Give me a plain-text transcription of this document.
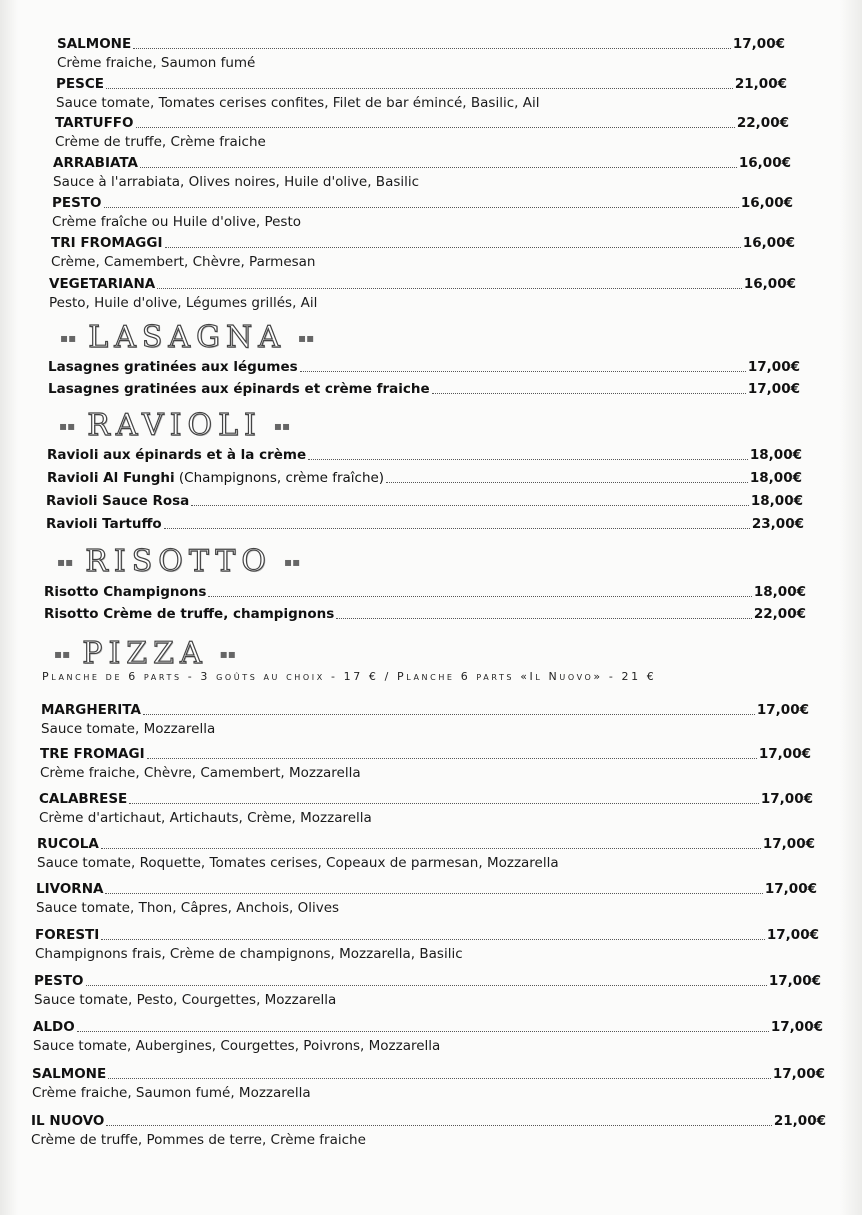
SALMONE	17,00€
Crème fraiche, Saumon fumé
PESCE	21,00€
Sauce tomate, Tomates cerises confites, Filet de bar émincé, Basilic, Ail
TARTUFFO	22,00€
Crème de truffe, Crème fraiche
ARRABIATA	16,00€
Sauce à l'arrabiata, Olives noires, Huile d'olive, Basilic
PESTO	16,00€
Crème fraîche ou Huile d'olive, Pesto
TRI FROMAGGI	16,00€
Crème, Camembert, Chèvre, Parmesan
VEGETARIANA	16,00€
Pesto, Huile d'olive, Légumes grillés, Ail
▪▪ LASAGNA ▪▪
Lasagnes gratinées aux légumes	17,00€
Lasagnes gratinées aux épinards et crème fraiche	17,00€
▪▪ RAVIOLI ▪▪
Ravioli aux épinards et à la crème	18,00€
Ravioli Al Funghi (Champignons, crème fraîche)	18,00€
Ravioli Sauce Rosa	18,00€
Ravioli Tartuffo	23,00€
▪▪ RISOTTO ▪▪
Risotto Champignons	18,00€
Risotto Crème de truffe, champignons	22,00€
▪▪ PIZZA ▪▪
Planche de 6 parts - 3 goûts au choix - 17 € / Planche 6 parts «Il Nuovo» - 21 €
MARGHERITA	17,00€
Sauce tomate, Mozzarella
TRE FROMAGI	17,00€
Crème fraiche, Chèvre, Camembert, Mozzarella
CALABRESE	17,00€
Crème d'artichaut, Artichauts, Crème, Mozzarella
RUCOLA	17,00€
Sauce tomate, Roquette, Tomates cerises, Copeaux de parmesan, Mozzarella
LIVORNA	17,00€
Sauce tomate, Thon, Câpres, Anchois, Olives
FORESTI	17,00€
Champignons frais, Crème de champignons, Mozzarella, Basilic
PESTO	17,00€
Sauce tomate, Pesto, Courgettes, Mozzarella
ALDO	17,00€
Sauce tomate, Aubergines, Courgettes, Poivrons, Mozzarella
SALMONE	17,00€
Crème fraiche, Saumon fumé, Mozzarella
IL NUOVO	21,00€
Crème de truffe, Pommes de terre, Crème fraiche
